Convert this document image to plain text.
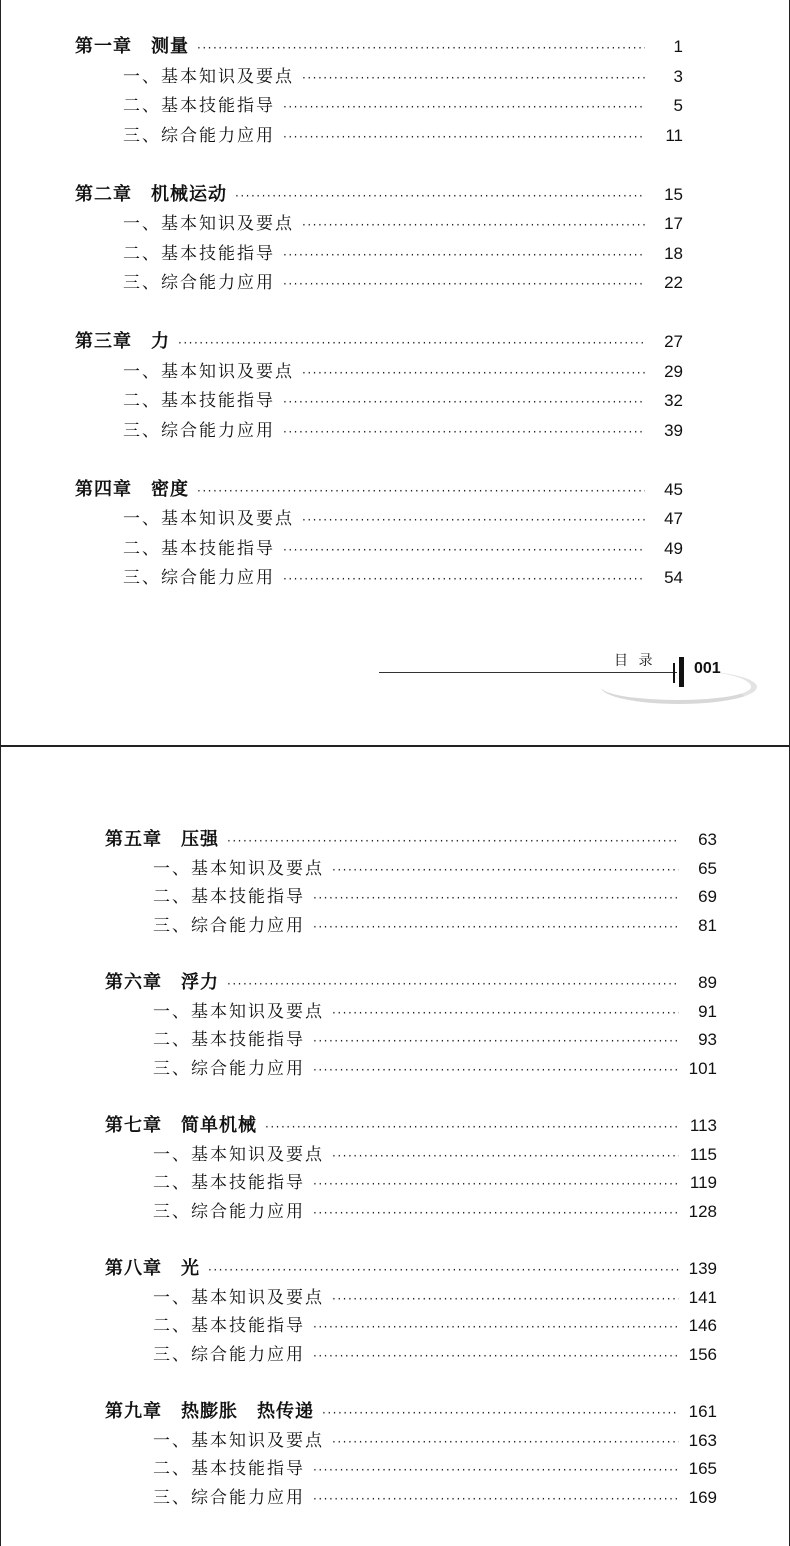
目 录 001
第一章　测量 ·····	1
一、基本知识及要点 ·····	3
二、基本技能指导 ·····	5
三、综合能力应用 ·····	11
第二章　机械运动 ·····	15
一、基本知识及要点 ·····	17
二、基本技能指导 ·····	18
三、综合能力应用 ·····	22
第三章　力 ·····	27
一、基本知识及要点 ·····	29
二、基本技能指导 ·····	32
三、综合能力应用 ·····	39
第四章　密度 ·····	45
一、基本知识及要点 ·····	47
二、基本技能指导 ·····	49
三、综合能力应用 ·····	54
第五章　压强 ·····	63
一、基本知识及要点 ·····	65
二、基本技能指导 ·····	69
三、综合能力应用 ·····	81
第六章　浮力 ·····	89
一、基本知识及要点 ·····	91
二、基本技能指导 ·····	93
三、综合能力应用 ·····	101
第七章　简单机械 ·····	113
一、基本知识及要点 ·····	115
二、基本技能指导 ·····	119
三、综合能力应用 ·····	128
第八章　光 ·····	139
一、基本知识及要点 ·····	141
二、基本技能指导 ·····	146
三、综合能力应用 ·····	156
第九章　热膨胀　热传递 ·····	161
一、基本知识及要点 ·····	163
二、基本技能指导 ·····	165
三、综合能力应用 ·····	169
